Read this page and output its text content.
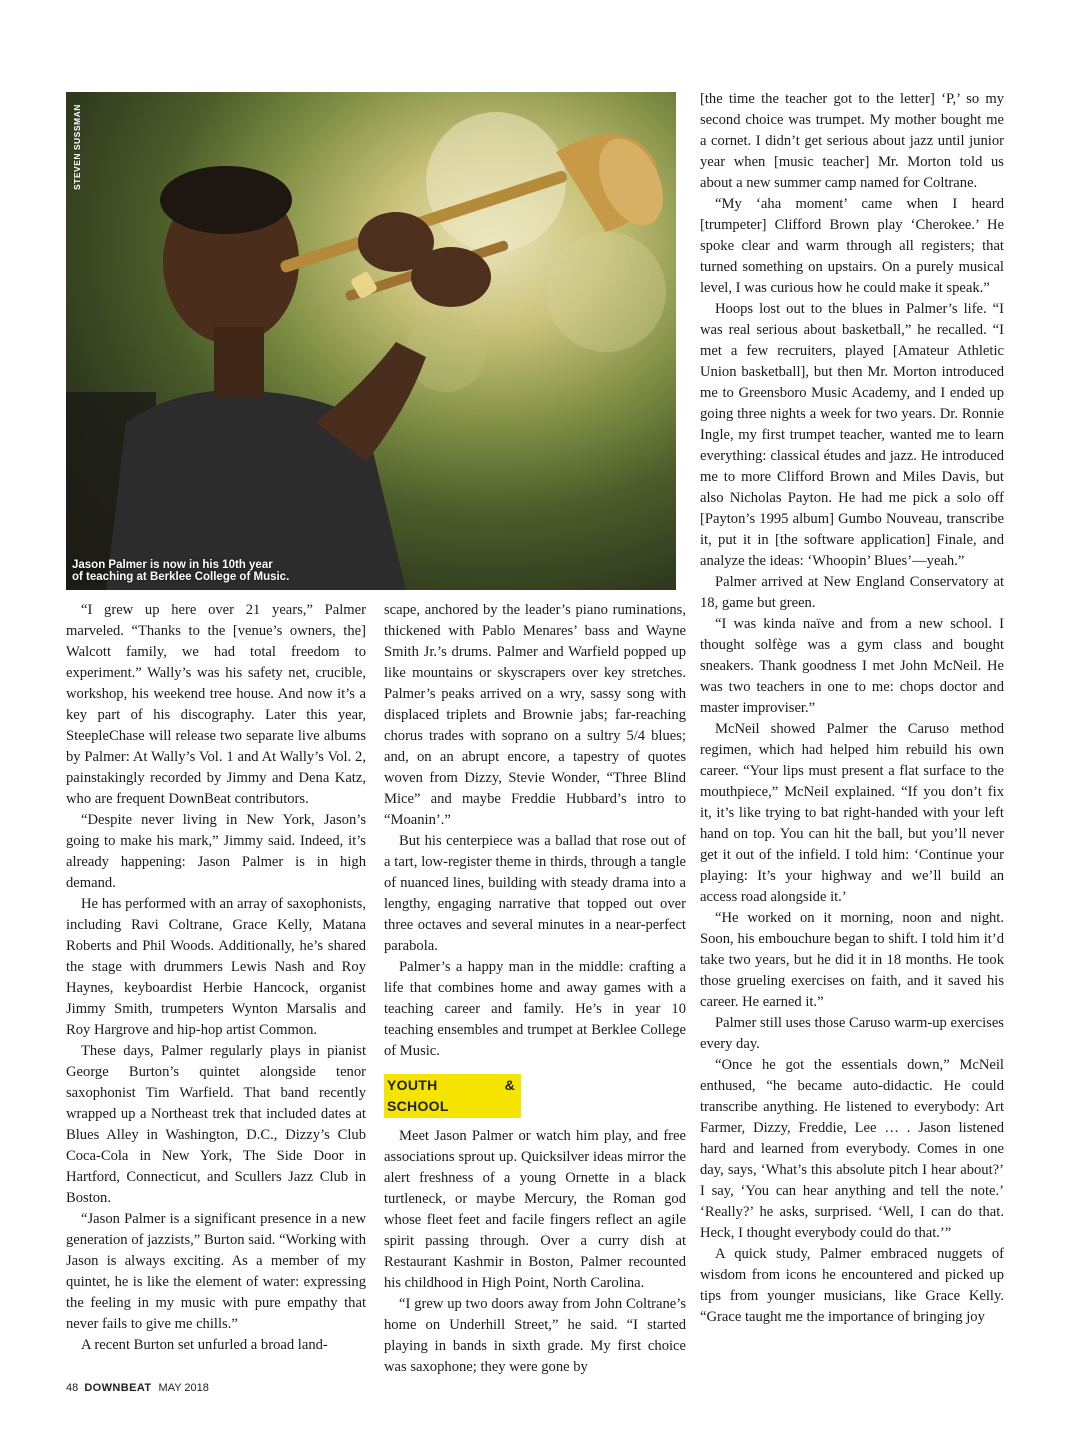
STEVEN SUSSMAN
Jason Palmer is now in his 10th year
of teaching at Berklee College of Music.

“I grew up here over 21 years,” Palmer marveled. “Thanks to the [venue’s owners, the] Walcott family, we had total freedom to experiment.” Wally’s was his safety net, crucible, workshop, his weekend tree house. And now it’s a key part of his discography. Later this year, SteepleChase will release two separate live albums by Palmer: At Wally’s Vol. 1 and At Wally’s Vol. 2, painstakingly recorded by Jimmy and Dena Katz, who are frequent DownBeat contributors.

“Despite never living in New York, Jason’s going to make his mark,” Jimmy said. Indeed, it’s already happening: Jason Palmer is in high demand.

He has performed with an array of saxophonists, including Ravi Coltrane, Grace Kelly, Matana Roberts and Phil Woods. Additionally, he’s shared the stage with drummers Lewis Nash and Roy Haynes, keyboardist Herbie Hancock, organist Jimmy Smith, trumpeters Wynton Marsalis and Roy Hargrove and hip-hop artist Common.

These days, Palmer regularly plays in pianist George Burton’s quintet alongside tenor saxophonist Tim Warfield. That band recently wrapped up a Northeast trek that included dates at Blues Alley in Washington, D.C., Dizzy’s Club Coca-Cola in New York, The Side Door in Hartford, Connecticut, and Scullers Jazz Club in Boston.

“Jason Palmer is a significant presence in a new generation of jazzists,” Burton said. “Working with Jason is always exciting. As a member of my quintet, he is like the element of water: expressing the feeling in my music with pure empathy that never fails to give me chills.”

A recent Burton set unfurled a broad land-

scape, anchored by the leader’s piano ruminations, thickened with Pablo Menares’ bass and Wayne Smith Jr.’s drums. Palmer and Warfield popped up like mountains or skyscrapers over key stretches. Palmer’s peaks arrived on a wry, sassy song with displaced triplets and Brownie jabs; far-reaching chorus trades with soprano on a sultry 5/4 blues; and, on an abrupt encore, a tapestry of quotes woven from Dizzy, Stevie Wonder, “Three Blind Mice” and maybe Freddie Hubbard’s intro to “Moanin’.”

But his centerpiece was a ballad that rose out of a tart, low-register theme in thirds, through a tangle of nuanced lines, building with steady drama into a lengthy, engaging narrative that topped out over three octaves and several minutes in a near-perfect parabola.

Palmer’s a happy man in the middle: crafting a life that combines home and away games with a teaching career and family. He’s in year 10 teaching ensembles and trumpet at Berklee College of Music.

YOUTH & SCHOOL

Meet Jason Palmer or watch him play, and free associations sprout up. Quicksilver ideas mirror the alert freshness of a young Ornette in a black turtleneck, or maybe Mercury, the Roman god whose fleet feet and facile fingers reflect an agile spirit passing through. Over a curry dish at Restaurant Kashmir in Boston, Palmer recounted his childhood in High Point, North Carolina.

“I grew up two doors away from John Coltrane’s home on Underhill Street,” he said. “I started playing in bands in sixth grade. My first choice was saxophone; they were gone by

[the time the teacher got to the letter] ‘P,’ so my second choice was trumpet. My mother bought me a cornet. I didn’t get serious about jazz until junior year when [music teacher] Mr. Morton told us about a new summer camp named for Coltrane.

“My ‘aha moment’ came when I heard [trumpeter] Clifford Brown play ‘Cherokee.’ He spoke clear and warm through all registers; that turned something on upstairs. On a purely musical level, I was curious how he could make it speak.”

Hoops lost out to the blues in Palmer’s life. “I was real serious about basketball,” he recalled. “I met a few recruiters, played [Amateur Athletic Union basketball], but then Mr. Morton introduced me to Greensboro Music Academy, and I ended up going three nights a week for two years. Dr. Ronnie Ingle, my first trumpet teacher, wanted me to learn everything: classical études and jazz. He introduced me to more Clifford Brown and Miles Davis, but also Nicholas Payton. He had me pick a solo off [Payton’s 1995 album] Gumbo Nouveau, transcribe it, put it in [the software application] Finale, and analyze the ideas: ‘Whoopin’ Blues’—yeah.”

Palmer arrived at New England Conservatory at 18, game but green.

“I was kinda naïve and from a new school. I thought solfège was a gym class and bought sneakers. Thank goodness I met John McNeil. He was two teachers in one to me: chops doctor and master improviser.”

McNeil showed Palmer the Caruso method regimen, which had helped him rebuild his own career. “Your lips must present a flat surface to the mouthpiece,” McNeil explained. “If you don’t fix it, it’s like trying to bat right-handed with your left hand on top. You can hit the ball, but you’ll never get it out of the infield. I told him: ‘Continue your playing: It’s your highway and we’ll build an access road alongside it.’

“He worked on it morning, noon and night. Soon, his embouchure began to shift. I told him it’d take two years, but he did it in 18 months. He took those grueling exercises on faith, and it saved his career. He earned it.”

Palmer still uses those Caruso warm-up exercises every day.

“Once he got the essentials down,” McNeil enthused, “he became auto-didactic. He could transcribe anything. He listened to everybody: Art Farmer, Dizzy, Freddie, Lee … . Jason listened hard and learned from everybody. Comes in one day, says, ‘What’s this absolute pitch I hear about?’ I say, ‘You can hear anything and tell the note.’ ‘Really?’ he asks, surprised. ‘Well, I can do that. Heck, I thought everybody could do that.’”

A quick study, Palmer embraced nuggets of wisdom from icons he encountered and picked up tips from younger musicians, like Grace Kelly. “Grace taught me the importance of bringing joy

48 DOWNBEAT MAY 2018
